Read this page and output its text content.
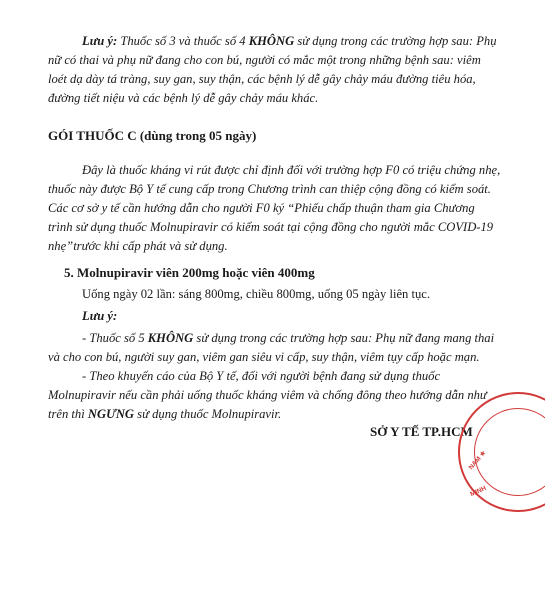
Lưu ý: Thuốc số 3 và thuốc số 4 KHÔNG sử dụng trong các trường hợp sau: Phụ
nữ có thai và phụ nữ đang cho con bú, người có mắc một trong những bệnh sau: viêm
loét dạ dày tá tràng, suy gan, suy thận, các bệnh lý dễ gây chảy máu đường tiêu hóa,
đường tiết niệu và các bệnh lý dễ gây chảy máu khác.
GÓI THUỐC C (dùng trong 05 ngày)
Đây là thuốc kháng vi rút được chỉ định đối với trường hợp F0 có triệu chứng nhẹ,
thuốc này được Bộ Y tế cung cấp trong Chương trình can thiệp cộng đồng có kiểm soát.
Các cơ sở y tế cần hướng dẫn cho người F0 ký “Phiếu chấp thuận tham gia Chương
trình sử dụng thuốc Molnupiravir có kiểm soát tại cộng đồng cho người mắc COVID-19
nhẹ”trước khi cấp phát và sử dụng.
5. Molnupiravir viên 200mg hoặc viên 400mg
Uống ngày 02 lần: sáng 800mg, chiều 800mg, uống 05 ngày liên tục.
Lưu ý:
- Thuốc số 5 KHÔNG sử dụng trong các trường hợp sau: Phụ nữ đang mang thai
và cho con bú, người suy gan, viêm gan siêu vi cấp, suy thận, viêm tụy cấp hoặc mạn.
- Theo khuyến cáo của Bộ Y tế, đối với người bệnh đang sử dụng thuốc
Molnupiravir nếu cần phải uống thuốc kháng viêm và chống đông theo hướng dẫn như
trên thì NGƯNG sử dụng thuốc Molnupiravir.
SỞ Y TẾ TP.HCM
NAM ★
MINH
